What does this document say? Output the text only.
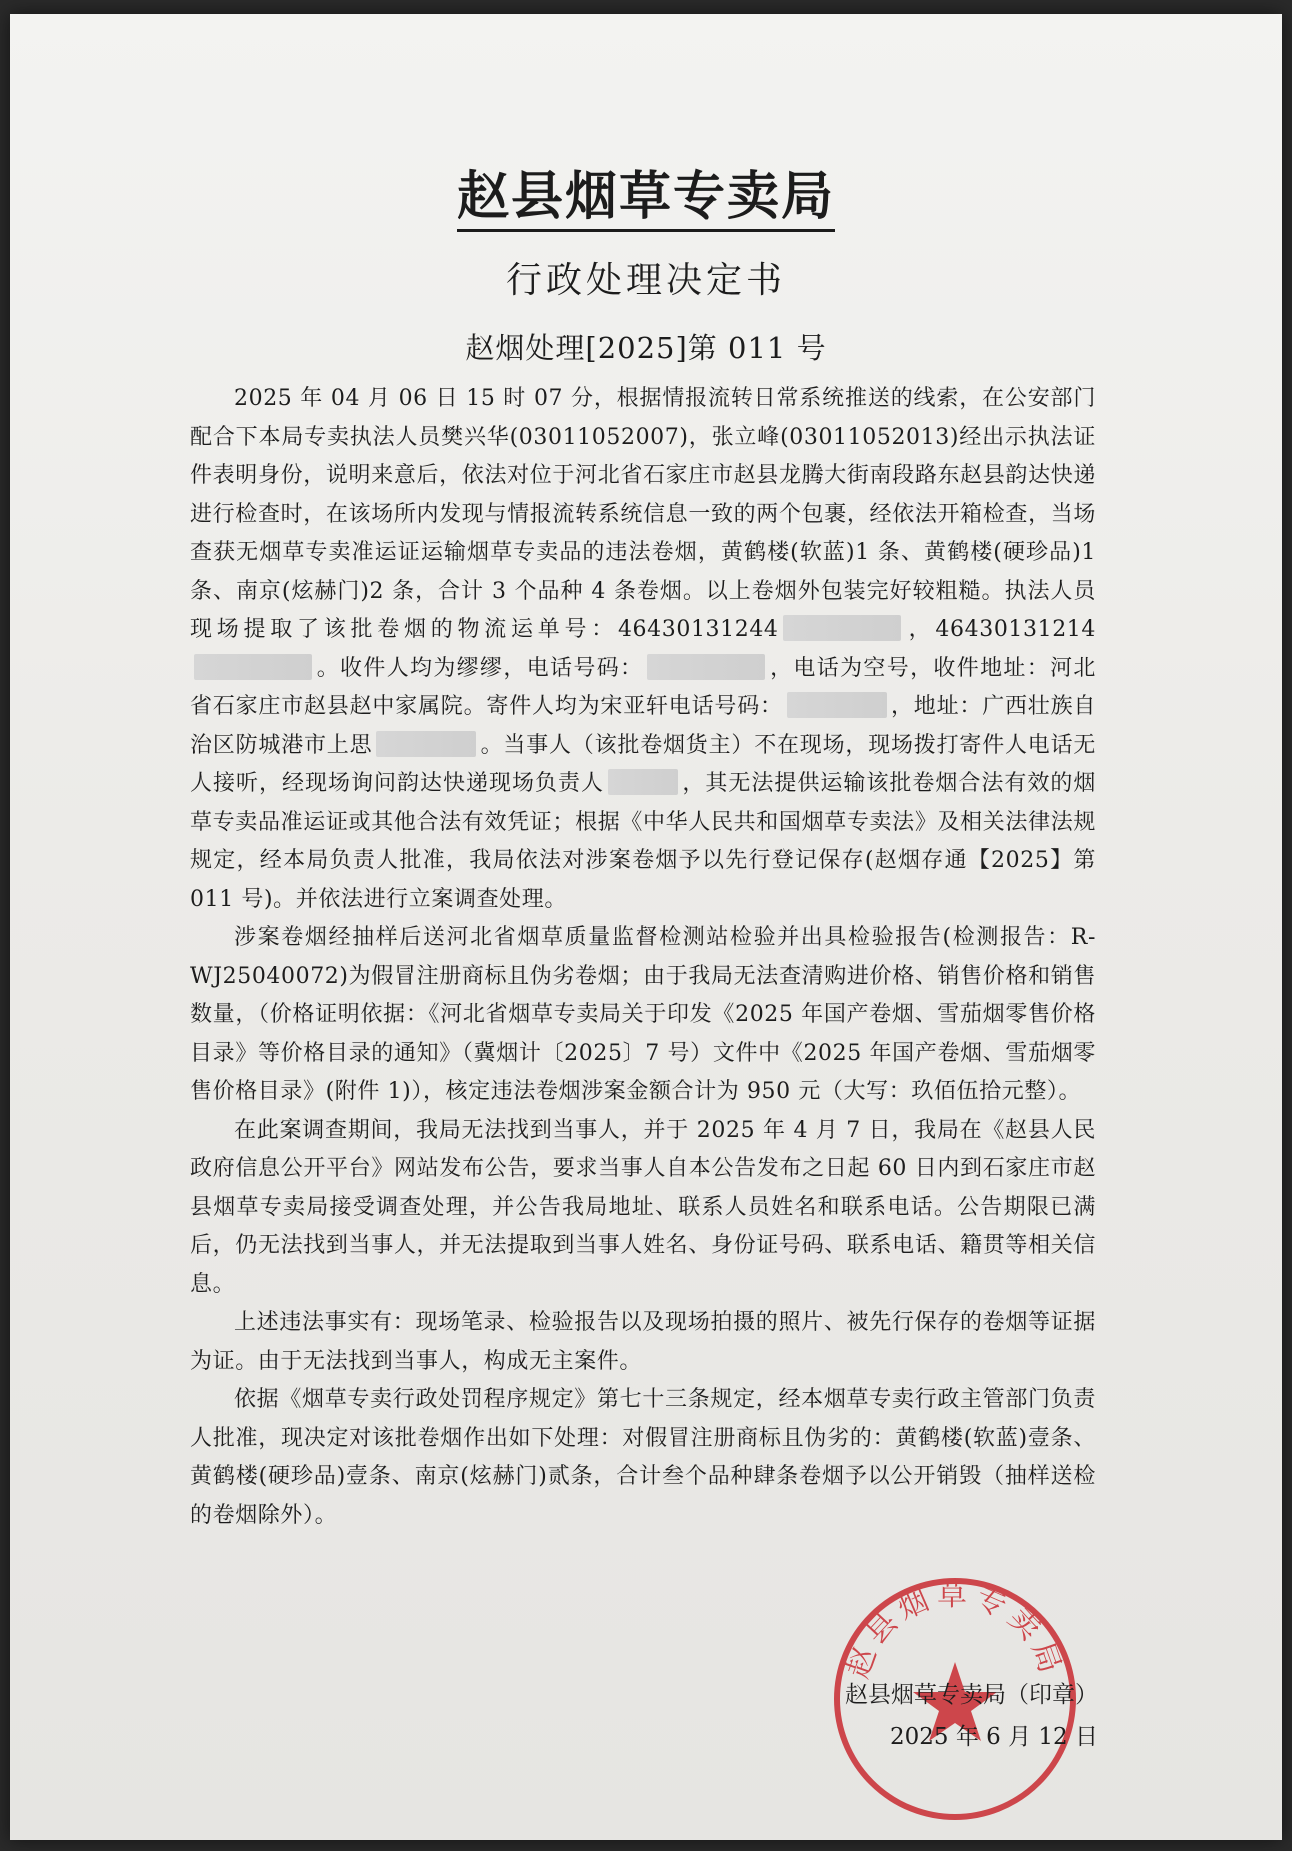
赵县烟草专卖局
行政处理决定书
赵烟处理[2025]第 011 号

2025 年 04 月 06 日 15 时 07 分，根据情报流转日常系统推送的线索，在公安部门配合下本局专卖执法人员樊兴华(03011052007)，张立峰(03011052013)经出示执法证件表明身份，说明来意后，依法对位于河北省石家庄市赵县龙腾大街南段路东赵县韵达快递进行检查时，在该场所内发现与情报流转系统信息一致的两个包裹，经依法开箱检查，当场查获无烟草专卖准运证运输烟草专卖品的违法卷烟，黄鹤楼(软蓝)1 条、黄鹤楼(硬珍品)1 条、南京(炫赫门)2 条，合计 3 个品种 4 条卷烟。以上卷烟外包装完好较粗糙。执法人员现场提取了该批卷烟的物流运单号：46430131244	，46430131214。收件人均为缪缪，电话号码：	，电话为空号，收件地址：河北省石家庄市赵县赵中家属院。寄件人均为宋亚轩电话号码：	，地址：广西壮族自治区防城港市上思	。当事人（该批卷烟货主）不在现场，现场拨打寄件人电话无人接听，经现场询问韵达快递现场负责人	，其无法提供运输该批卷烟合法有效的烟草专卖品准运证或其他合法有效凭证；根据《中华人民共和国烟草专卖法》及相关法律法规规定，经本局负责人批准，我局依法对涉案卷烟予以先行登记保存(赵烟存通【2025】第 011 号)。并依法进行立案调查处理。

涉案卷烟经抽样后送河北省烟草质量监督检测站检验并出具检验报告(检测报告：R-WJ25040072)为假冒注册商标且伪劣卷烟；由于我局无法查清购进价格、销售价格和销售数量，（价格证明依据：《河北省烟草专卖局关于印发《2025 年国产卷烟、雪茄烟零售价格目录》等价格目录的通知》（冀烟计〔2025〕7 号）文件中《2025 年国产卷烟、雪茄烟零售价格目录》(附件 1)），核定违法卷烟涉案金额合计为 950 元（大写：玖佰伍拾元整）。

在此案调查期间，我局无法找到当事人，并于 2025 年 4 月 7 日，我局在《赵县人民政府信息公开平台》网站发布公告，要求当事人自本公告发布之日起 60 日内到石家庄市赵县烟草专卖局接受调查处理，并公告我局地址、联系人员姓名和联系电话。公告期限已满后，仍无法找到当事人，并无法提取到当事人姓名、身份证号码、联系电话、籍贯等相关信息。

上述违法事实有：现场笔录、检验报告以及现场拍摄的照片、被先行保存的卷烟等证据为证。由于无法找到当事人，构成无主案件。

依据《烟草专卖行政处罚程序规定》第七十三条规定，经本烟草专卖行政主管部门负责人批准，现决定对该批卷烟作出如下处理：对假冒注册商标且伪劣的：黄鹤楼(软蓝)壹条、黄鹤楼(硬珍品)壹条、南京(炫赫门)贰条，合计叁个品种肆条卷烟予以公开销毁（抽样送检的卷烟除外）。

赵县烟草专卖局
赵县烟草专卖局（印章）
2025 年 6 月 12 日
